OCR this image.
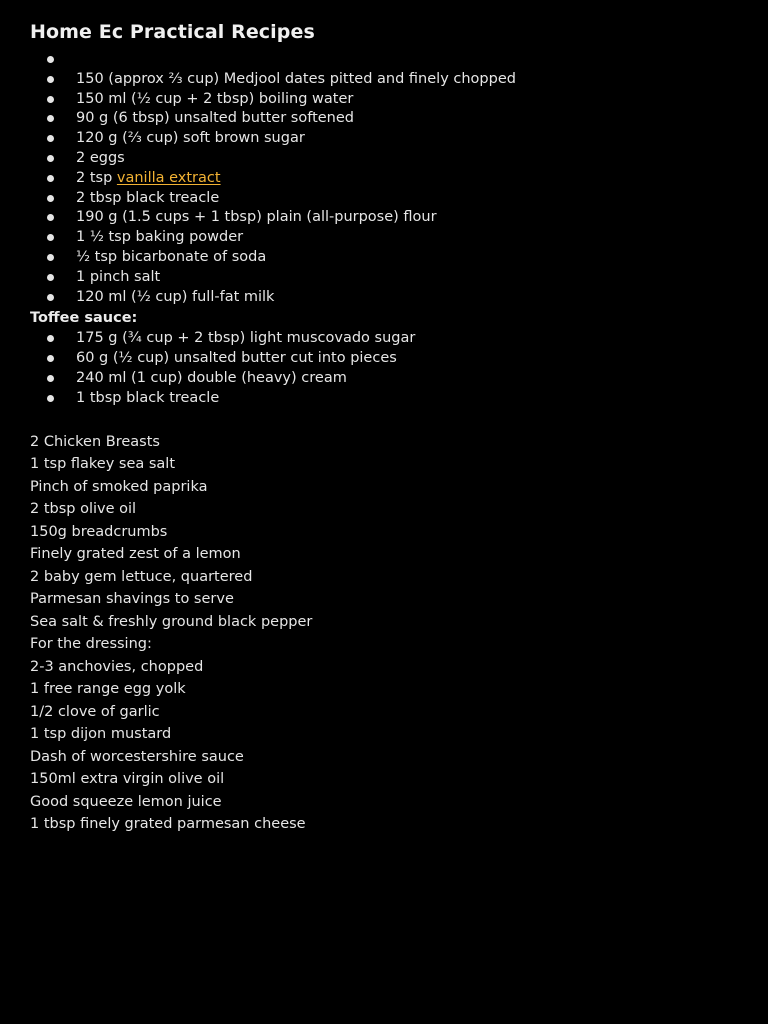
Home Ec Practical Recipes
150 (approx ⅔ cup) Medjool dates pitted and finely chopped
150 ml (½ cup + 2 tbsp) boiling water
90 g (6 tbsp) unsalted butter softened
120 g (⅔ cup) soft brown sugar
2 eggs
2 tsp vanilla extract
2 tbsp black treacle
190 g (1.5 cups + 1 tbsp) plain (all-purpose) flour
1 ½ tsp baking powder
½ tsp bicarbonate of soda
1 pinch salt
120 ml (½ cup) full-fat milk
Toffee sauce:
175 g (¾ cup + 2 tbsp) light muscovado sugar
60 g (½ cup) unsalted butter cut into pieces
240 ml (1 cup) double (heavy) cream
1 tbsp black treacle
2 Chicken Breasts
1 tsp flakey sea salt
Pinch of smoked paprika
2 tbsp olive oil
150g breadcrumbs
Finely grated zest of a lemon
2 baby gem lettuce, quartered
Parmesan shavings to serve
Sea salt & freshly ground black pepper
For the dressing:
2-3 anchovies, chopped
1 free range egg yolk
1/2 clove of garlic
1 tsp dijon mustard
Dash of worcestershire sauce
150ml extra virgin olive oil
Good squeeze lemon juice
1 tbsp finely grated parmesan cheese
